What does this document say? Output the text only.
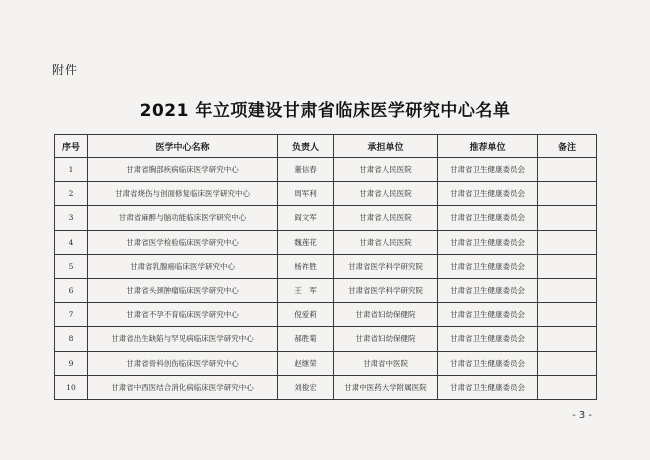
附件
2021 年立项建设甘肃省临床医学研究中心名单
序号	医学中心名称	负责人	承担单位	推荐单位	备注
1	甘肃省胸部疾病临床医学研究中心	董信春	甘肃省人民医院	甘肃省卫生健康委员会	
2	甘肃省烧伤与创面修复临床医学研究中心	周军利	甘肃省人民医院	甘肃省卫生健康委员会	
3	甘肃省麻醉与脑功能临床医学研究中心	阎文军	甘肃省人民医院	甘肃省卫生健康委员会	
4	甘肃省医学检验临床医学研究中心	魏莲花	甘肃省人民医院	甘肃省卫生健康委员会	
5	甘肃省乳腺癌临床医学研究中心	杨祚胜	甘肃省医学科学研究院	甘肃省卫生健康委员会	
6	甘肃省头颈肿瘤临床医学研究中心	王　军	甘肃省医学科学研究院	甘肃省卫生健康委员会	
7	甘肃省不孕不育临床医学研究中心	倪爱莉	甘肃省妇幼保健院	甘肃省卫生健康委员会	
8	甘肃省出生缺陷与罕见病临床医学研究中心	郝胜菊	甘肃省妇幼保健院	甘肃省卫生健康委员会	
9	甘肃省骨科创伤临床医学研究中心	赵继荣	甘肃省中医院	甘肃省卫生健康委员会	
10	甘肃省中西医结合消化病临床医学研究中心	刘俊宏	甘肃中医药大学附属医院	甘肃省卫生健康委员会	
- 3 -
